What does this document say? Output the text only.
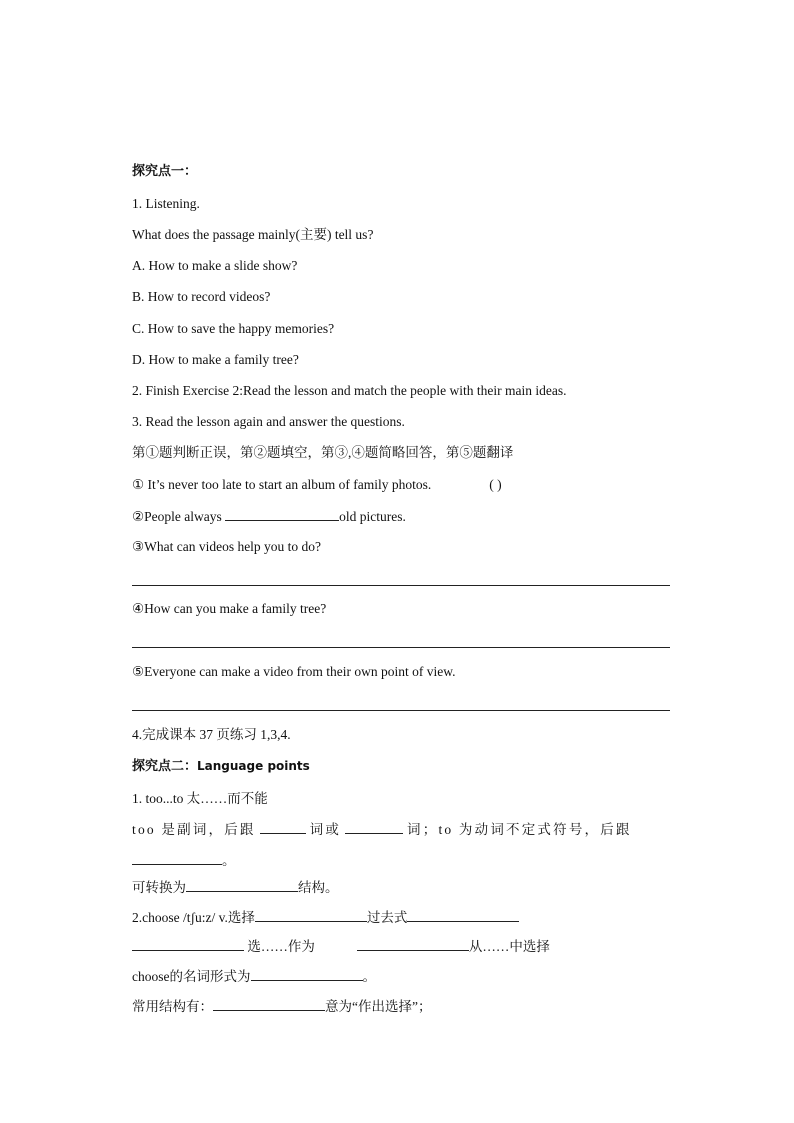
探究点一：
1. Listening.
What does the passage mainly(主要) tell us?
A. How to make a slide show?
B. How to record videos?
C. How to save the happy memories?
D. How to make a family tree?
2. Finish Exercise 2:Read the lesson and match the people with their main ideas.
3. Read the lesson again and answer the questions.
第①题判断正误，第②题填空，第③,④题简略回答，第⑤题翻译
① It’s never too late to start an album of family photos.	( )
②People always	old pictures.
③What can videos help you to do?
④How can you make a family tree?
⑤Everyone can make a video from their own point of view.
4.完成课本 37 页练习 1,3,4.
探究点二：Language points
1. too...to 太……而不能
too 是副词，后跟	词或	词；to 为动词不定式符号，后跟
。
可转换为	结构。
2.choose /tʃu:z/ v.选择	过去式
选……作为	从……中选择
choose的名词形式为	。
常用结构有：	意为“作出选择”；
